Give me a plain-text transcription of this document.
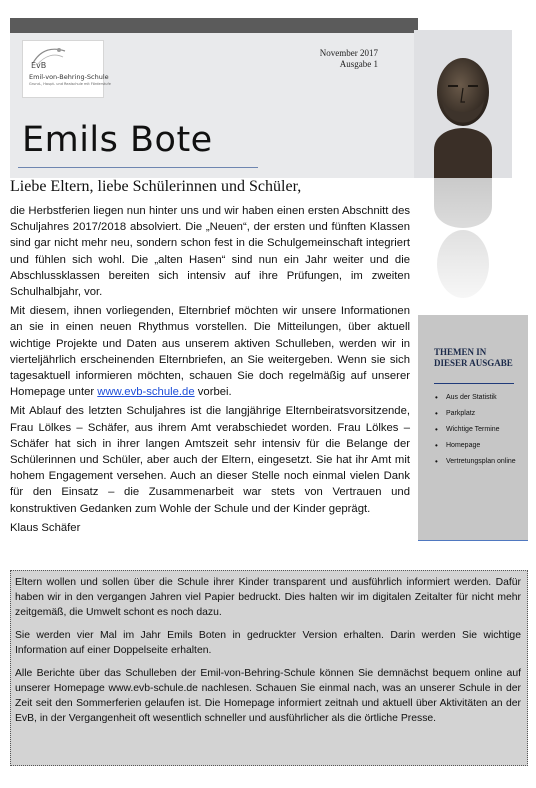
EvB
Emil-von-Behring-Schule
Grund-, Haupt- und Realschule mit Förderstufe
November 2017
Ausgabe 1
Emils Bote
Liebe Eltern, liebe Schülerinnen und Schüler,

die Herbstferien liegen nun hinter uns und wir haben einen ersten Abschnitt des Schuljahres 2017/2018 absolviert. Die „Neuen“, der ersten und fünften Klassen sind gar nicht mehr neu, sondern schon fest in die Schulgemeinschaft integriert und fühlen sich wohl. Die „alten Hasen“ sind nun ein Jahr weiter und die Abschlussklassen bereiten sich intensiv auf ihre Prüfungen, im zweiten Schulhalbjahr, vor.

Mit diesem, ihnen vorliegenden, Elternbrief möchten wir unsere Informationen an sie in einen neuen Rhythmus vorstellen. Die Mitteilungen, über aktuell wichtige Projekte und Daten aus unserem aktiven Schulleben, werden wir in vierteljährlich erscheinenden Elternbriefen, an Sie weitergeben. Wenn sie sich tagesaktuell informieren möchten, schauen Sie doch regelmäßig auf unserer Homepage unter www.evb-schule.de vorbei.

Mit Ablauf des letzten Schuljahres ist die langjährige Elternbeiratsvorsitzende, Frau Lölkes – Schäfer, aus ihrem Amt verabschiedet worden. Frau Lölkes – Schäfer hat sich in ihrer langen Amtszeit sehr intensiv für die Belange der Schülerinnen und Schüler, aber auch der Eltern, eingesetzt. Sie hat ihr Amt mit hohem Engagement versehen. Auch an dieser Stelle noch einmal vielen Dank für den Einsatz – die Zusammenarbeit war stets von Vertrauen und konstruktiven Gedanken zum Wohle der Schule und der Kinder geprägt.

Klaus Schäfer

THEMEN IN DIESER AUSGABE
• Aus der Statistik
• Parkplatz
• Wichtige Termine
• Homepage
• Vertretungsplan online

Eltern wollen und sollen über die Schule ihrer Kinder transparent und ausführlich informiert werden. Dafür haben wir in den vergangen Jahren viel Papier bedruckt. Dies halten wir im digitalen Zeitalter für nicht mehr zeitgemäß, die Umwelt schont es noch dazu.

Sie werden vier Mal im Jahr Emils Boten in gedruckter Version erhalten. Darin werden Sie wichtige Information auf einer Doppelseite erhalten.

Alle Berichte über das Schulleben der Emil-von-Behring-Schule können Sie demnächst bequem online auf unserer Homepage www.evb-schule.de nachlesen. Schauen Sie einmal nach, was an unserer Schule in der Zeit seit den Sommerferien gelaufen ist. Die Homepage informiert zeitnah und aktuell über Aktivitäten an der EvB, in der Vergangenheit oft wesentlich schneller und ausführlicher als die örtliche Presse.
